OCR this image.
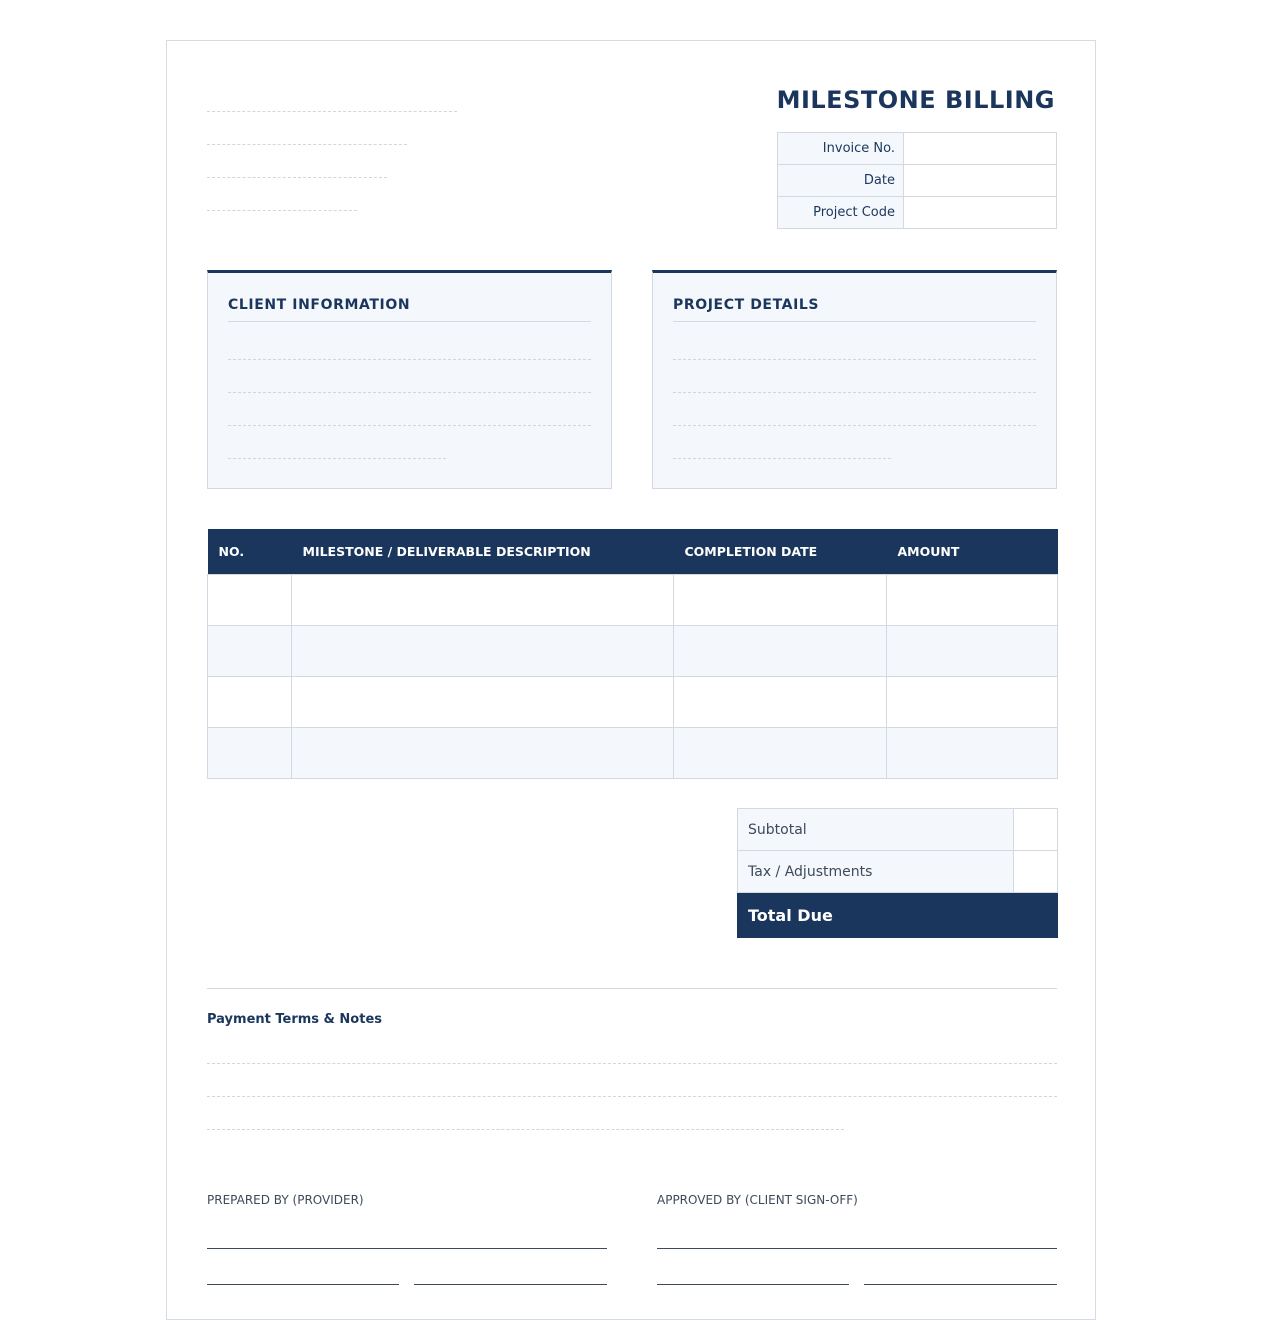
MILESTONE BILLING
Invoice No.	
Date	
Project Code	
CLIENT INFORMATION	PROJECT DETAILS
NO.	MILESTONE / DELIVERABLE DESCRIPTION	COMPLETION DATE	AMOUNT

Subtotal	
Tax / Adjustments	
Total Due	
Payment Terms & Notes
PREPARED BY (PROVIDER)	APPROVED BY (CLIENT SIGN-OFF)
